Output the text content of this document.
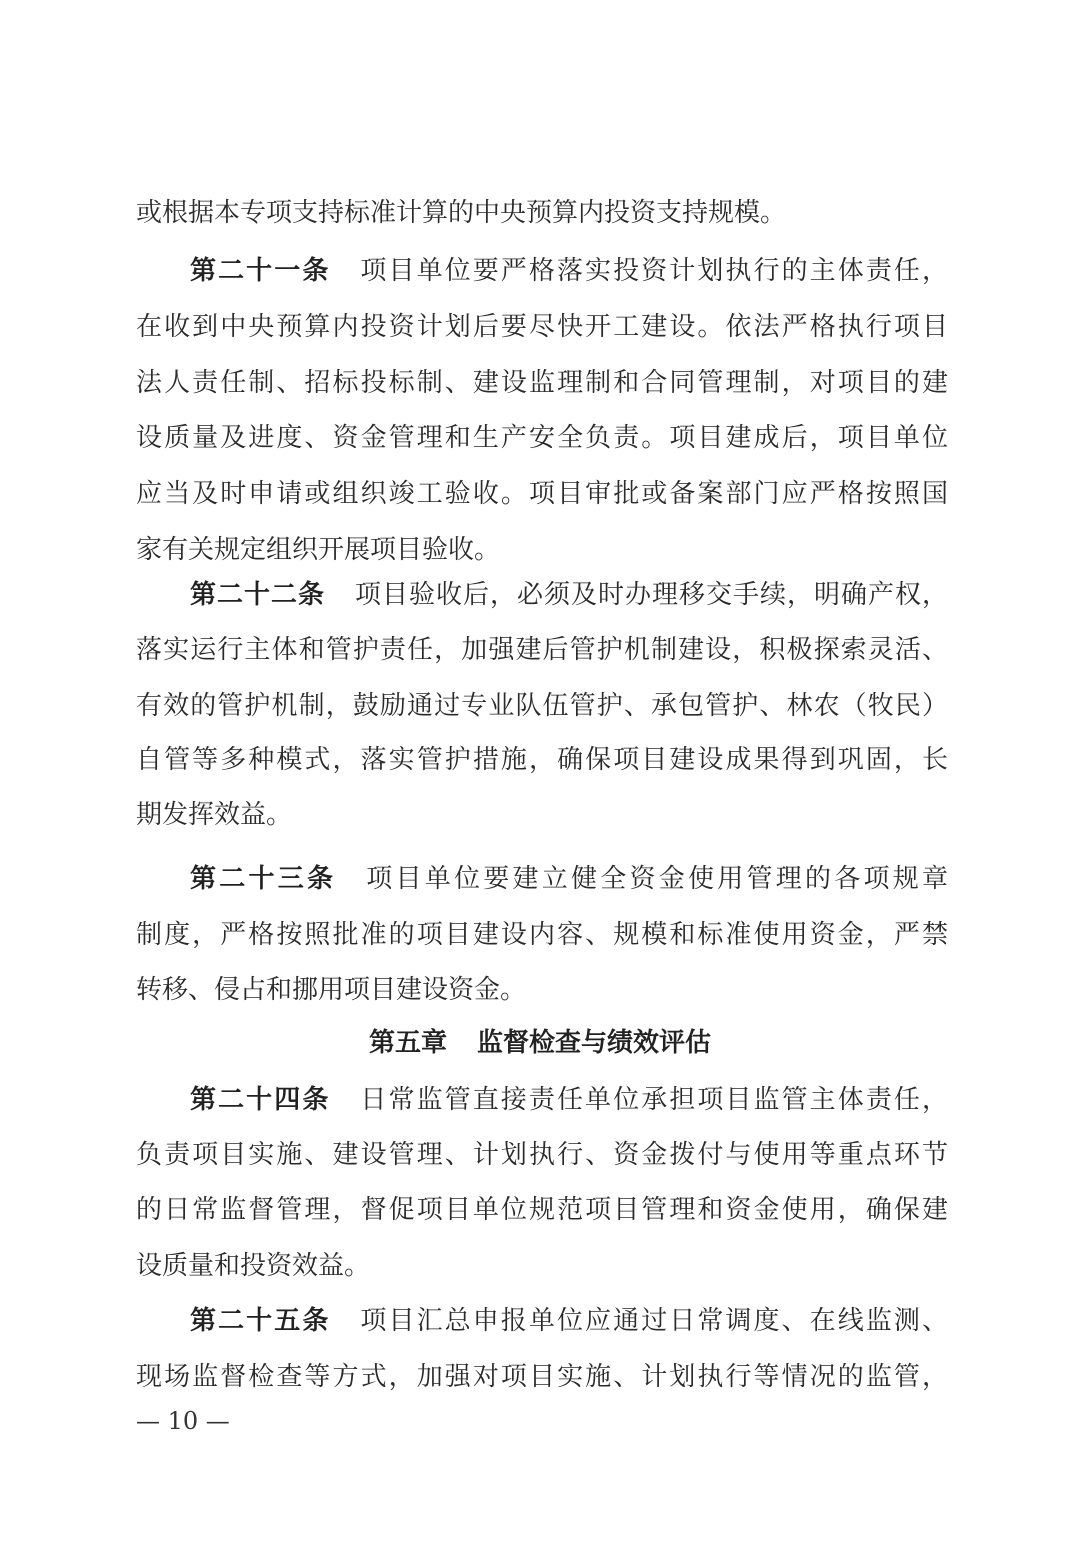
或根据本专项支持标准计算的中央预算内投资支持规模。
第二十一条 项目单位要严格落实投资计划执行的主体责任，
在收到中央预算内投资计划后要尽快开工建设。依法严格执行项目
法人责任制、招标投标制、建设监理制和合同管理制，对项目的建
设质量及进度、资金管理和生产安全负责。项目建成后，项目单位
应当及时申请或组织竣工验收。项目审批或备案部门应严格按照国
家有关规定组织开展项目验收。
第二十二条 项目验收后，必须及时办理移交手续，明确产权，
落实运行主体和管护责任，加强建后管护机制建设，积极探索灵活、
有效的管护机制，鼓励通过专业队伍管护、承包管护、林农（牧民）
自管等多种模式，落实管护措施，确保项目建设成果得到巩固，长
期发挥效益。
第二十三条 项目单位要建立健全资金使用管理的各项规章
制度，严格按照批准的项目建设内容、规模和标准使用资金，严禁
转移、侵占和挪用项目建设资金。
第五章 监督检查与绩效评估
第二十四条 日常监管直接责任单位承担项目监管主体责任，
负责项目实施、建设管理、计划执行、资金拨付与使用等重点环节
的日常监督管理，督促项目单位规范项目管理和资金使用，确保建
设质量和投资效益。
第二十五条 项目汇总申报单位应通过日常调度、在线监测、
现场监督检查等方式，加强对项目实施、计划执行等情况的监管，
— 10 —
